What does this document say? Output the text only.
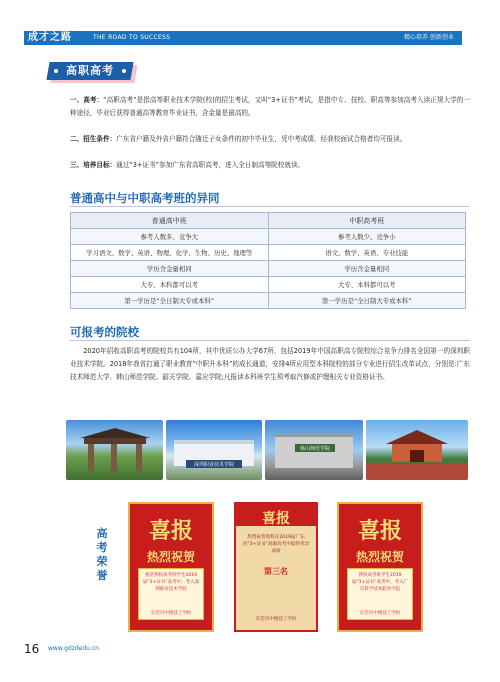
成才之路	THE ROAD TO SUCCESS	精心培养 创新创业
高职高考
一、高考：“高职高考”是指高等职业技术学院(校)的招生考试，又叫“3+证书”考试，是指中专、技校、职高等参加高考入读正规大学的一种途径，毕业后获得普通高等教育毕业证书，含金量是最高的。
二、招生条件：广东省户籍及外省户籍符合随迁子女条件的初中毕业生，凭中考成绩，经我校面试合格者均可报读。
三、培养目标：通过“3+证书”参加广东省高职高考，进入全日制高等院校就读。
普通高中与中职高考班的异同
普通高中班	中职高考班
参考人数多、竞争大	参考人数少、竞争小
学习语文、数学、英语、物理、化学、生物、历史、地理等	语文、数学、英语、专业技能
学历含金量相同	学历含金量相同
大专、本科都可以考	大专、本科都可以考
第一学历是“全日制大专或本科”	第一学历是“全日制大专或本科”
可报考的院校
2020年招收高职高考的院校共有104所，其中优质公办大学67所，包括2019年中国高职高专院校综合竞争力排名全国第一的深圳职业技术学院。2018年我省打通了职业教育“中职升本科”的成长通道，安排4所应用型本科院校的部分专业进行招生改革试点，分别是:广东技术师范大学、韩山师范学院、韶关学院、嘉应学院;凡报读本科班学生须考取汽修或护理相关专业资格证书。
深圳职业技术学院
韩山师范学院
高考荣誉
喜报
热烈祝贺
祝贺我校高考班学生2019届“3+证书”高考中，考入深圳职业技术学院
东莞市中德技工学校
喜报
热烈祝贺我校在2019届广东省“3+证书”高职高考中取得优异成绩
第三名
东莞市中德技工学校
喜报
热烈祝贺
我校高考班学生2019届“3+证书”高考中，考入广东科学技术职业学院
东莞市中德技工学校
16 www.gdzdedu.cn
